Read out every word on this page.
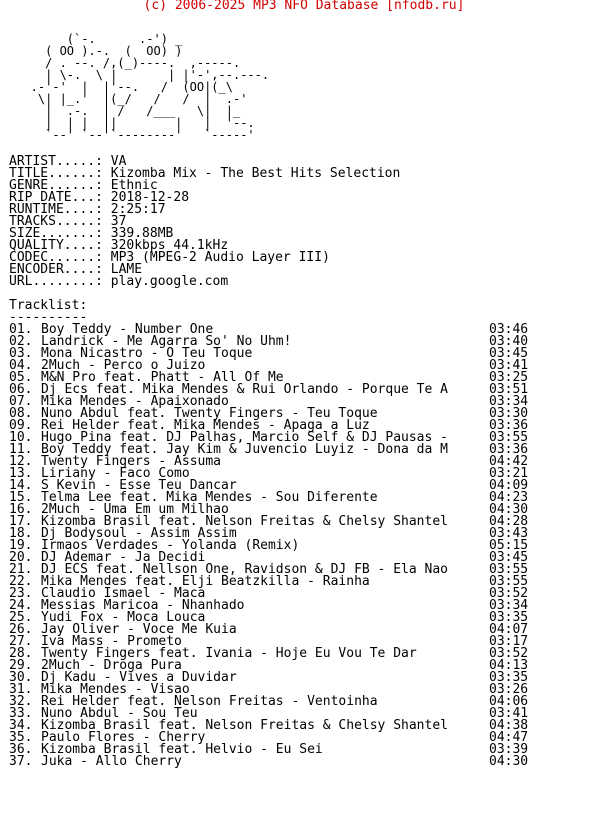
(c) 2006-2025 MP3 NFO Database [nfodb.ru]
(`-.      .-') _
( OO ).-.  (  OO) )
/ . --. /,(_)----.  ,-----.
| \-.  \ |       | |'-',--.---.
.-'-'  |  |'--.   /  (OO|(_\
\| |_.'  |(_/   /   /  |  .-'
|  .-.  | /   /___   \|  |_
|  | |  ||        |   |  '--.
`--' `--'`--------'   `-----'
ARTIST.....: VA
TITLE......: Kizomba Mix - The Best Hits Selection
GENRE......: Ethnic
RIP DATE...: 2018-12-28
RUNTIME....: 2:25:17
TRACKS.....: 37
SIZE.......: 339.88MB
QUALITY....: 320kbps 44.1kHz
CODEC......: MP3 (MPEG-2 Audio Layer III)
ENCODER....: LAME
URL........: play.google.com
Tracklist:
----------
01. Boy Teddy - Number One	03:46
02. Landrick - Me Agarra So' No Uhm!	03:40
03. Mona Nicastro - O Teu Toque	03:45
04. 2Much - Perco o Juizo	03:41
05. M&N Pro feat. Phatt - All Of Me	03:25
06. Dj Ecs feat. Mika Mendes & Rui Orlando - Porque Te A	03:51
07. Mika Mendes - Apaixonado	03:34
08. Nuno Abdul feat. Twenty Fingers - Teu Toque	03:30
09. Rei Helder feat. Mika Mendes - Apaga a Luz	03:36
10. Hugo Pina feat. DJ Palhas, Marcio Self & DJ Pausas -	03:55
11. Boy Teddy feat. Jay Kim & Juvencio Luyiz - Dona da M	03:36
12. Twenty Fingers - Assuma	04:42
13. Liriany - Faco Como	03:21
14. S Kevin - Esse Teu Dancar	04:09
15. Telma Lee feat. Mika Mendes - Sou Diferente	04:23
16. 2Much - Uma Em um Milhao	04:30
17. Kizomba Brasil feat. Nelson Freitas & Chelsy Shantel	04:28
18. Dj Bodysoul - Assim Assim	03:43
19. Irmaos Verdades - Yolanda (Remix)	05:15
20. DJ Ademar - Ja Decidi	03:45
21. DJ ECS feat. Nellson One, Ravidson & DJ FB - Ela Nao	03:55
22. Mika Mendes feat. Elji Beatzkilla - Rainha	03:55
23. Claudio Ismael - Maca	03:52
24. Messias Maricoa - Nhanhado	03:34
25. Yudi Fox - Moca Louca	03:35
26. Jay Oliver - Voce Me Kuia	04:07
27. Iva Mass - Prometo	03:17
28. Twenty Fingers feat. Ivania - Hoje Eu Vou Te Dar	03:52
29. 2Much - Droga Pura	04:13
30. Dj Kadu - Vives a Duvidar	03:35
31. Mika Mendes - Visao	03:26
32. Rei Helder feat. Nelson Freitas - Ventoinha	04:06
33. Nuno Abdul - Sou Teu	03:41
34. Kizomba Brasil feat. Nelson Freitas & Chelsy Shantel	04:38
35. Paulo Flores - Cherry	04:47
36. Kizomba Brasil feat. Helvio - Eu Sei	03:39
37. Juka - Allo Cherry	04:30
